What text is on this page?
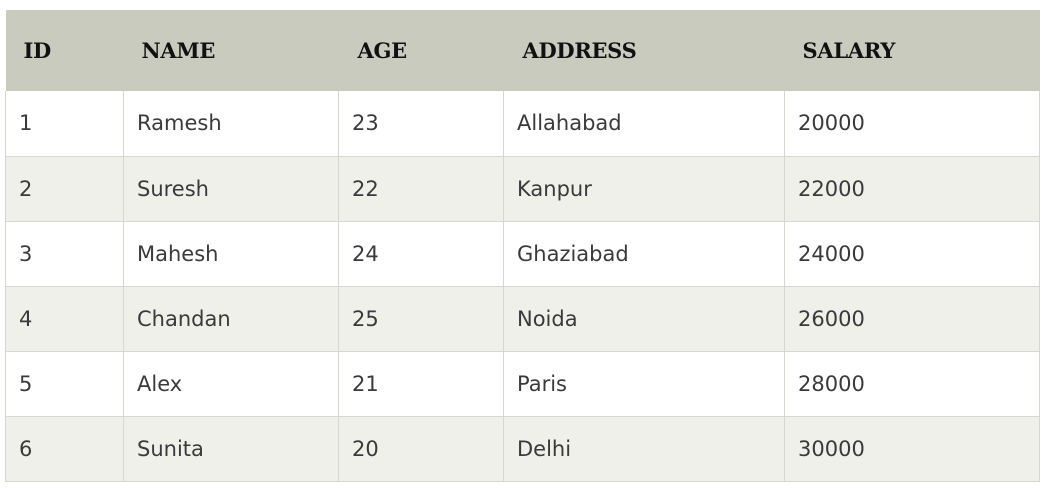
ID	NAME	AGE	ADDRESS	SALARY
1	Ramesh	23	Allahabad	20000
2	Suresh	22	Kanpur	22000
3	Mahesh	24	Ghaziabad	24000
4	Chandan	25	Noida	26000
5	Alex	21	Paris	28000
6	Sunita	20	Delhi	30000
